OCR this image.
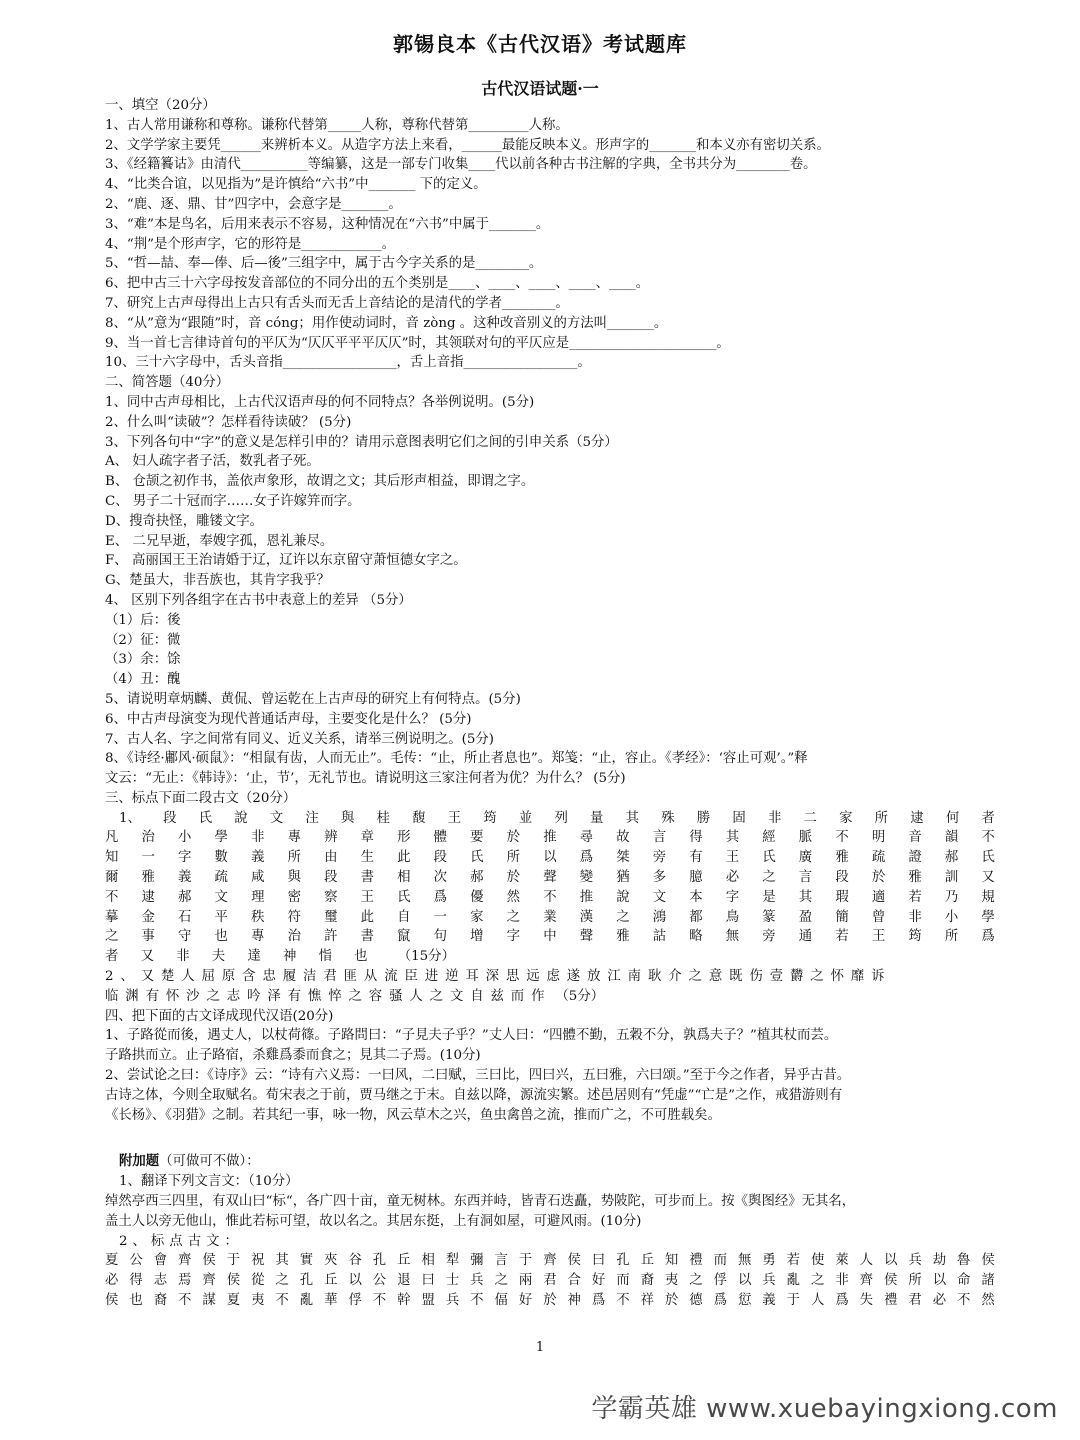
郭锡良本《古代汉语》考试题库
古代汉语试题·一
一、填空（20分）
1、古人常用谦称和尊称。谦称代替第_____人称，尊称代替第_________人称。
2、文学学家主要凭______来辨析本义。从造字方法上来看，______最能反映本义。形声字的_______和本义亦有密切关系。
3、《经籍籑诂》由清代__________等编纂，这是一部专门收集____代以前各种古书注解的字典，全书共分为________卷。
4、“比类合谊，以见指为”是许慎给“六书”中_______ 下的定义。
2、“鹿、逐、鼎、甘”四字中，会意字是_______。
3、“难”本是鸟名，后用来表示不容易，这种情况在“六书”中属于_______。
4、“荆”是个形声字，它的形符是____________。
5、“哲—喆、奉—俸、后—後”三组字中，属于古今字关系的是________。
6、把中古三十六字母按发音部位的不同分出的五个类别是____、____、____、____、____。
7、研究上古声母得出上古只有舌头而无舌上音结论的是清代的学者________。
8、“从”意为“跟随”时，音 cóng；用作使动词时，音 zòng 。这种改音别义的方法叫_______。
9、当一首七言律诗首句的平仄为“仄仄平平平仄仄”时，其领联对句的平仄应是______________________。
10、三十六字母中，舌头音指_________________，舌上音指_________________。
二、简答题（40分）
1、同中古声母相比，上古代汉语声母的何不同特点？各举例说明。(5分)
2、什么叫“读破”？怎样看待读破？ (5分)
3、下列各句中“字”的意义是怎样引申的？请用示意图表明它们之间的引申关系（5分）
A、 妇人疏字者子活，数乳者子死。
B、 仓颉之初作书，盖依声象形，故谓之文；其后形声相益，即谓之字。
C、 男子二十冠而字……女子许嫁笄而字。
D、搜奇抉怪，雕镂文字。
E、 二兄早逝，奉嫂字孤，恩礼兼尽。
F、 高丽国王王治请婚于辽，辽许以东京留守萧恒德女字之。
G、楚虽大，非吾族也，其肯字我乎？
4、 区别下列各组字在古书中表意上的差异 （5分）
（1）后：後
（2）征：微
（3）余：馀
（4）丑：醜
5、请说明章炳麟、黄侃、曾运乾在上古声母的研究上有何特点。(5分)
6、中古声母演变为现代普通话声母，主要变化是什么？ (5分)
7、古人名、字之间常有同义、近义关系，请举三例说明之。(5分)
8、《诗经·鄘风·硕鼠》：“相鼠有齿，人而无止”。毛传：“止，所止者息也”。郑笺：“止，容止。《孝经》：‘容止可观’。”释
文云：“无止：《韩诗》：‘止，节’，无礼节也。请说明这三家注何者为优？为什么？ (5分)
三、标点下面二段古文（20分）
1、 段 氏 說 文 注 與 桂 馥 王 筠 並 列 量 其 殊 勝 固 非 二 家 所 逮 何 者
凡 治 小 學 非 專 辨 章 形 體 要 於 推 尋 故 言 得 其 經 脈 不 明 音 韻 不
知 一 字 數 義 所 由 生 此 段 氏 所 以 爲 桀 旁 有 王 氏 廣 雅 疏 證 郝 氏
爾 雅 義 疏 咸 與 段 書 相 次 郝 於 聲 變 猶 多 臆 必 之 言 段 於 雅 訓 又
不 逮 郝 文 理 密 察 王 氏 爲 優 然 不 推 說 文 本 字 是 其 瑕 適 若 乃 規
摹 金 石 平 秩 符 璽 此 自 一 家 之 業 漢 之 鴻 都 鳥 篆 盈 簡 曾 非 小 學
之 事 守 也 專 治 許 書 竄 句 增 字 中 聲 雅 詁 略 無 旁 通 若 王 筠 所 爲
者	又	非	夫	達	神	恉	也	（15分）
2、又楚人屈原含忠履洁君匪从流臣进逆耳深思远虑遂放江南耿介之意既伤壹欝之怀靡诉
临渊有怀沙之志吟泽有憔悴之容骚人之文自兹而作 （5分）
四、把下面的古文译成现代汉语(20分)
1、子路從而後，遇丈人，以杖荷篠。子路問曰：“子見夫子乎？”丈人曰：“四體不勤，五穀不分，孰爲夫子？”植其杖而芸。
子路拱而立。止子路宿，杀雞爲黍而食之；見其二子焉。(10分)
2、尝试论之曰：《诗序》云：“诗有六义焉：一曰风，二曰赋，三曰比，四曰兴，五曰雅，六曰颂。”至于今之作者，异乎古昔。
古诗之体，今则全取赋名。荀宋表之于前，贾马继之于末。自兹以降，源流实繁。述邑居则有“凭虚”“亡是”之作，戒猎游则有
《长杨》、《羽猎》之制。若其纪一事，咏一物，风云草木之兴，鱼虫禽兽之流，推而广之，不可胜载矣。
附加题（可做可不做）：
1、翻译下列文言文：（10分）
绰然亭西三四里，有双山曰“标“，各广四十亩，童无树林。东西并峙，皆青石迭矗，势陂陀，可步而上。按《舆图经》无其名，
盖土人以旁无他山，惟此若标可望，故以名之。其居东挺，上有洞如屋，可避风雨。(10分)
2、标点古文：
夏 公 會 齊 侯 于 祝 其 實 夾 谷 孔 丘 相 犁 彌 言 于 齊 侯 曰 孔 丘 知 禮 而 無 勇 若 使 萊 人 以 兵 劫 魯 侯
必 得 志 焉 齊 侯 從 之 孔 丘 以 公 退 曰 士 兵 之 兩 君 合 好 而 裔 夷 之 俘 以 兵 亂 之 非 齊 侯 所 以 命 諸
侯 也 裔 不 謀 夏 夷 不 亂 華 俘 不 幹 盟 兵 不 偪 好 於 神 爲 不 祥 於 德 爲 愆 義 于 人 爲 失 禮 君 必 不 然
1
学霸英雄 www.xuebayingxiong.com
